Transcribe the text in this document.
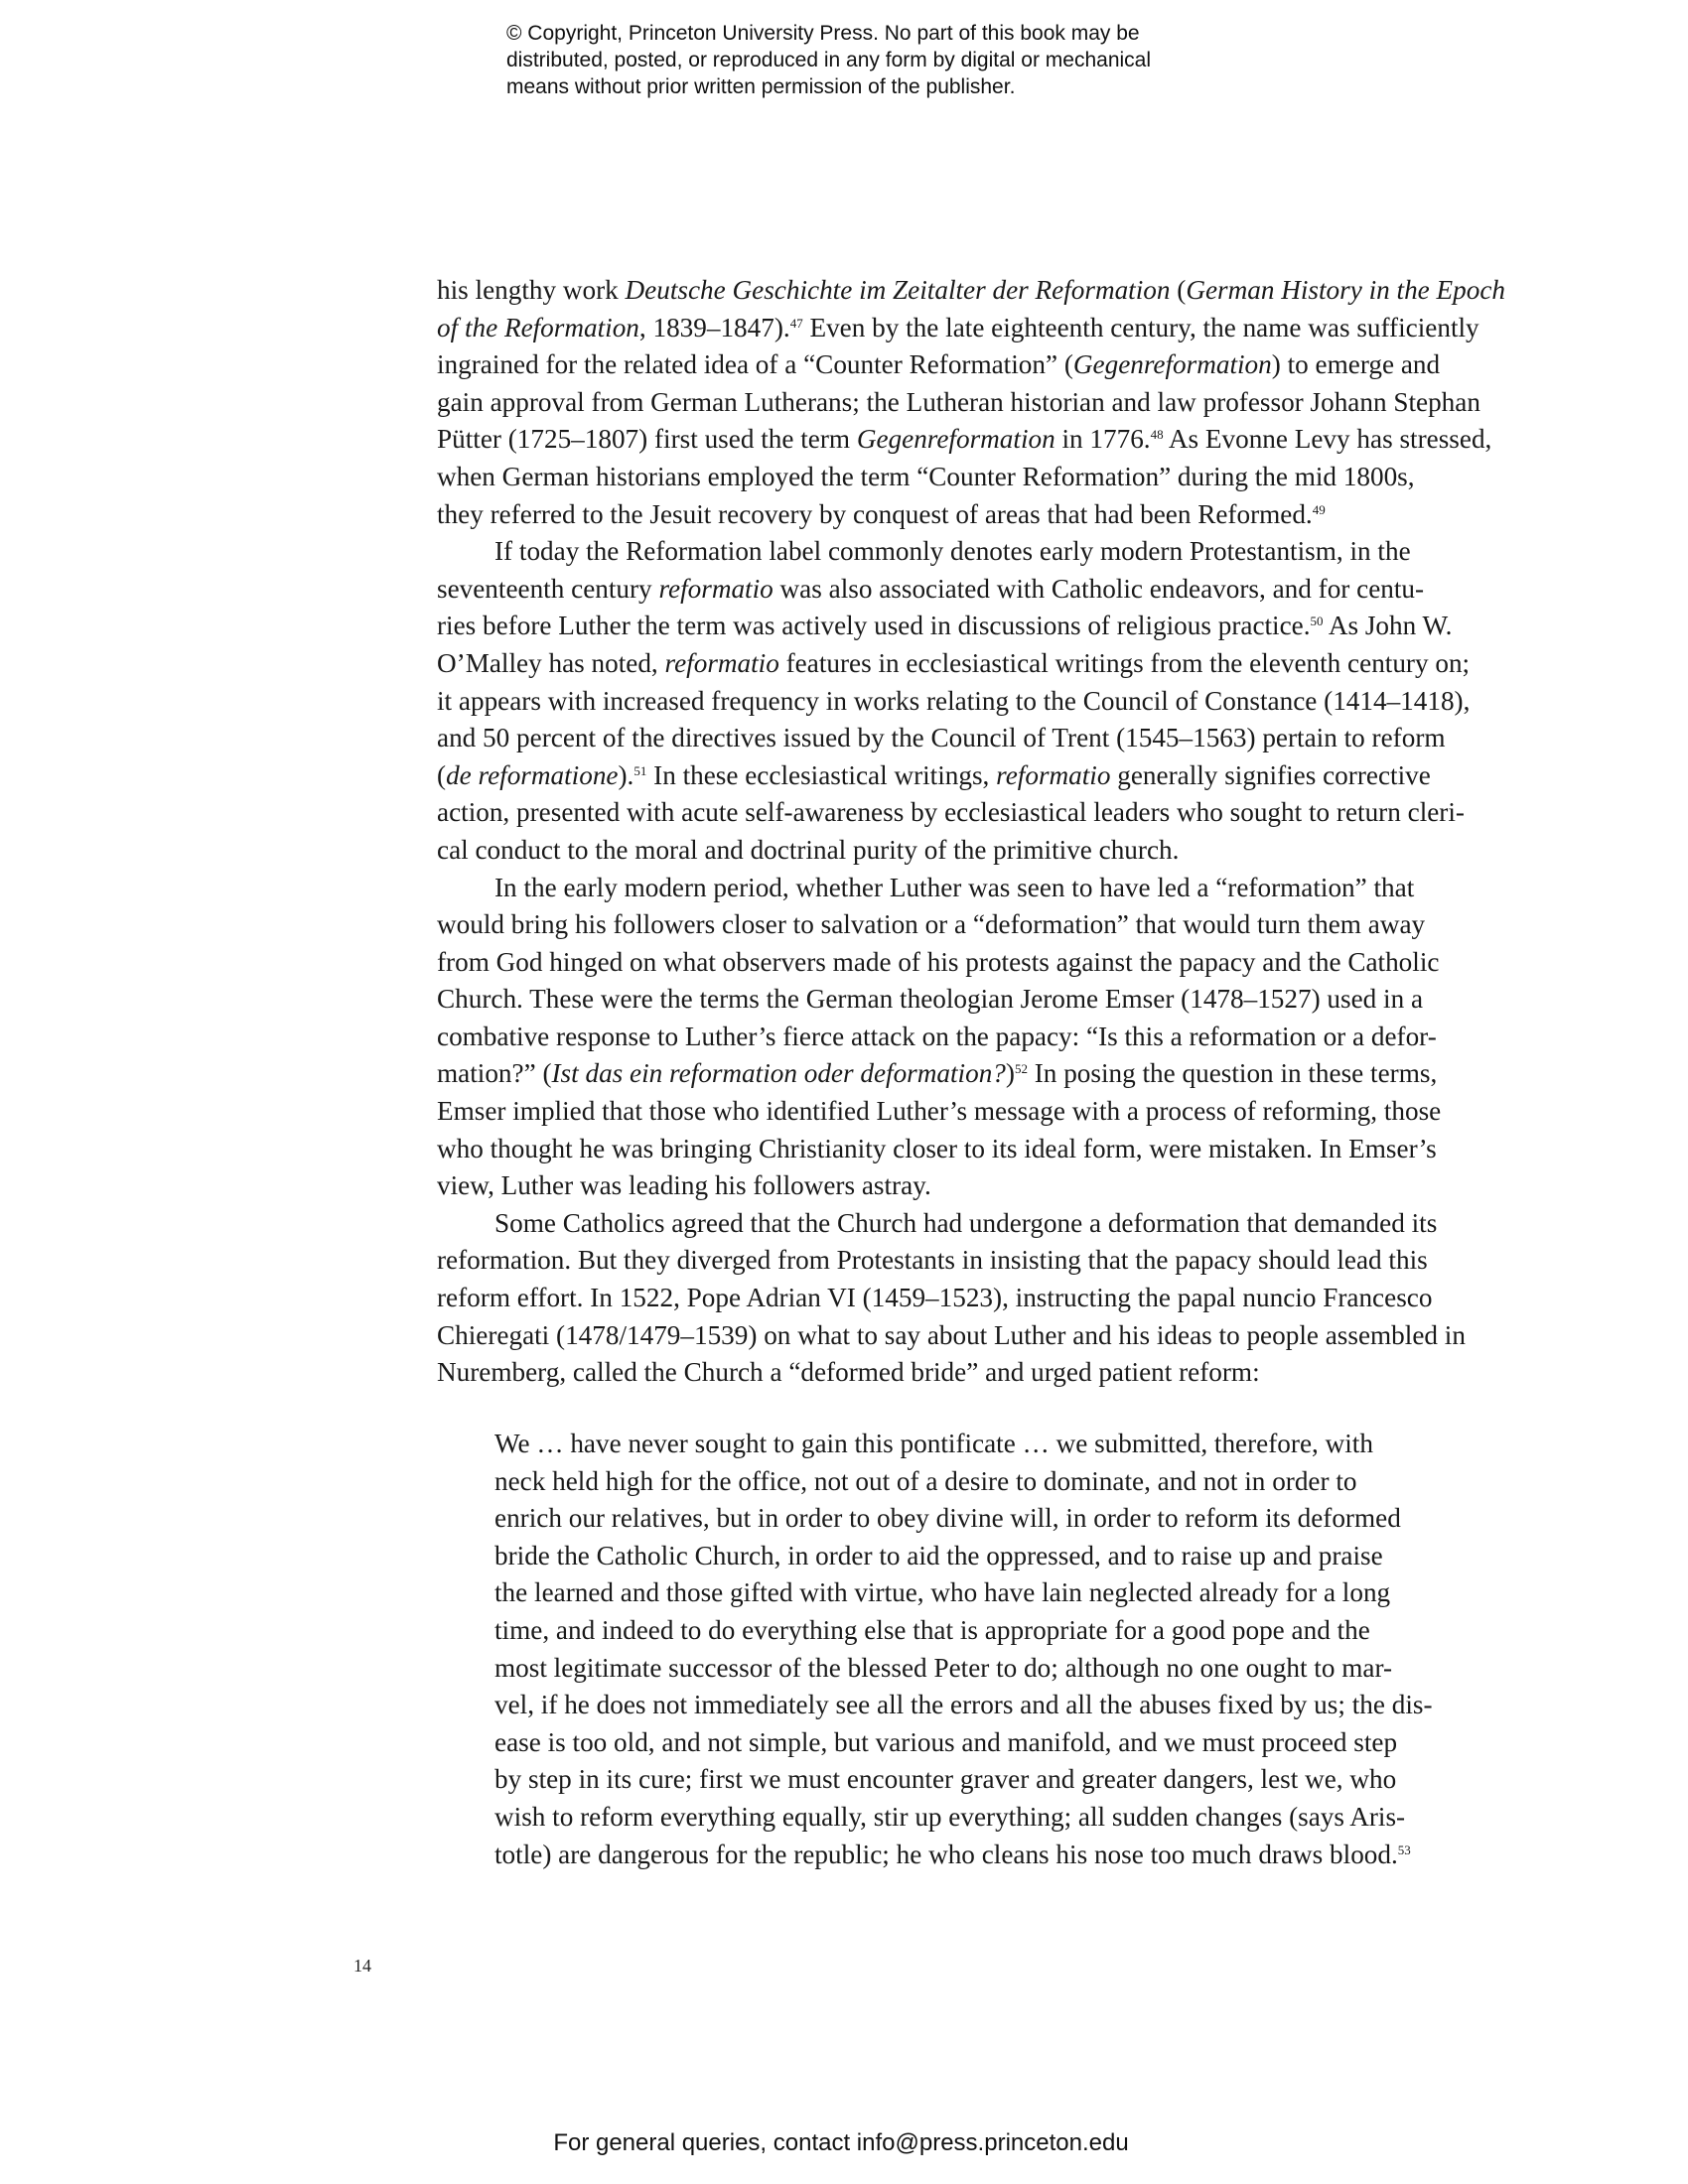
© Copyright, Princeton University Press. No part of this book may be
distributed, posted, or reproduced in any form by digital or mechanical
means without prior written permission of the publisher.
his lengthy work Deutsche Geschichte im Zeitalter der Reformation (German History in the Epoch
of the Reformation, 1839–1847).$^{47}$ Even by the late eighteenth century, the name was sufficiently
ingrained for the related idea of a “Counter Reformation” (Gegenreformation) to emerge and
gain approval from German Lutherans; the Lutheran historian and law professor Johann Stephan
Pütter (1725–1807) first used the term Gegenreformation in 1776.48 As Evonne Levy has stressed,
when German historians employed the term “Counter Reformation” during the mid 1800s,
they referred to the Jesuit recovery by conquest of areas that had been Reformed.$^{49}$
If today the Reformation label commonly denotes early modern Protestantism, in the
seventeenth century reformatio was also associated with Catholic endeavors, and for centu-
ries before Luther the term was actively used in discussions of religious practice.$^{50}$ As John W.
O’Malley has noted, reformatio features in ecclesiastical writings from the eleventh century on;
it appears with increased frequency in works relating to the Council of Constance (1414–1418),
and 50 percent of the directives issued by the Council of Trent (1545–1563) pertain to reform
(de reformatione).$^{51}$ In these ecclesiastical writings, reformatio generally signifies corrective
action, presented with acute self-awareness by ecclesiastical leaders who sought to return cleri-
cal conduct to the moral and doctrinal purity of the primitive church.
In the early modern period, whether Luther was seen to have led a “reformation” that
would bring his followers closer to salvation or a “deformation” that would turn them away
from God hinged on what observers made of his protests against the papacy and the Catholic
Church. These were the terms the German theologian Jerome Emser (1478–1527) used in a
combative response to Luther’s fierce attack on the papacy: “Is this a reformation or a defor-
mation?” (Ist das ein reformation oder deformation?)$^{52}$ In posing the question in these terms,
Emser implied that those who identified Luther’s message with a process of reforming, those
who thought he was bringing Christianity closer to its ideal form, were mistaken. In Emser’s
view, Luther was leading his followers astray.
Some Catholics agreed that the Church had undergone a deformation that demanded its
reformation. But they diverged from Protestants in insisting that the papacy should lead this
reform effort. In 1522, Pope Adrian VI (1459–1523), instructing the papal nuncio Francesco
Chieregati (1478/1479–1539) on what to say about Luther and his ideas to people assembled in
Nuremberg, called the Church a “deformed bride” and urged patient reform:
We … have never sought to gain this pontificate … we submitted, therefore, with
neck held high for the office, not out of a desire to dominate, and not in order to
enrich our relatives, but in order to obey divine will, in order to reform its deformed
bride the Catholic Church, in order to aid the oppressed, and to raise up and praise
the learned and those gifted with virtue, who have lain neglected already for a long
time, and indeed to do everything else that is appropriate for a good pope and the
most legitimate successor of the blessed Peter to do; although no one ought to mar-
vel, if he does not immediately see all the errors and all the abuses fixed by us; the dis-
ease is too old, and not simple, but various and manifold, and we must proceed step
by step in its cure; first we must encounter graver and greater dangers, lest we, who
wish to reform everything equally, stir up everything; all sudden changes (says Aris-
totle) are dangerous for the republic; he who cleans his nose too much draws blood.$^{53}$
14
For general queries, contact info@press.princeton.edu
